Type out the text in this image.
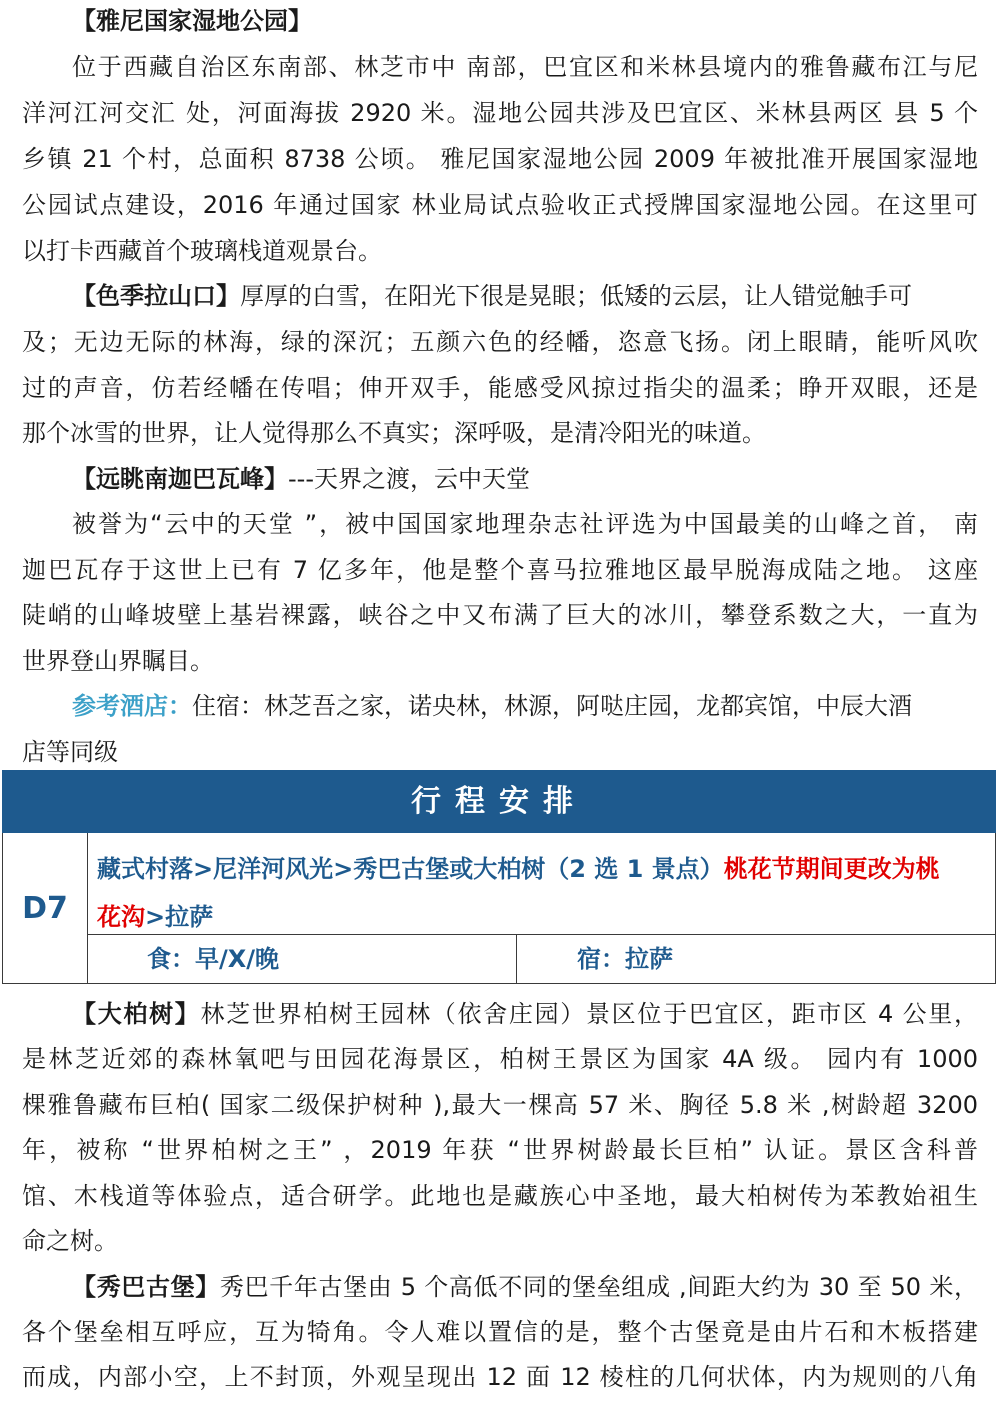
【雅尼国家湿地公园】
位于西藏自治区东南部、林芝市中 南部，巴宜区和米林县境内的雅鲁藏布江与尼
洋河江河交汇 处，河面海拔 2920 米。湿地公园共涉及巴宜区、米林县两区 县 5 个
乡镇 21 个村，总面积 8738 公顷。 雅尼国家湿地公园 2009 年被批准开展国家湿地
公园试点建设，2016 年通过国家 林业局试点验收正式授牌国家湿地公园。在这里可
以打卡西藏首个玻璃栈道观景台。
【色季拉山口】厚厚的白雪，在阳光下很是晃眼；低矮的云层，让人错觉触手可
及；无边无际的林海，绿的深沉；五颜六色的经幡，恣意飞扬。闭上眼睛，能听风吹
过的声音，仿若经幡在传唱；伸开双手，能感受风掠过指尖的温柔；睁开双眼，还是
那个冰雪的世界，让人觉得那么不真实；深呼吸，是清冷阳光的味道。
【远眺南迦巴瓦峰】---天界之渡，云中天堂
被誉为“云中的天堂 ”，被中国国家地理杂志社评选为中国最美的山峰之首， 南
迦巴瓦存于这世上已有 7 亿多年，他是整个喜马拉雅地区最早脱海成陆之地。 这座
陡峭的山峰坡壁上基岩裸露，峡谷之中又布满了巨大的冰川，攀登系数之大，一直为
世界登山界瞩目。
参考酒店：住宿：林芝吾之家，诺央林，林源，阿哒庄园，龙都宾馆，中辰大酒
店等同级
行程安排
D7
藏式村落>尼洋河风光>秀巴古堡或大柏树（2 选 1 景点）桃花节期间更改为桃
花沟>拉萨
食：早/X/晚	宿：拉萨
【大柏树】林芝世界柏树王园林（依舍庄园）景区位于巴宜区，距市区 4 公里，
是林芝近郊的森林氧吧与田园花海景区，柏树王景区为国家 4A 级。 园内有 1000
棵雅鲁藏布巨柏( 国家二级保护树种 ),最大一棵高 57 米、胸径 5.8 米 ,树龄超 3200
年，被称 “世界柏树之王” ，2019 年获 “世界树龄最长巨柏” 认证。景区含科普
馆、木栈道等体验点，适合研学。此地也是藏族心中圣地，最大柏树传为苯教始祖生
命之树。
【秀巴古堡】秀巴千年古堡由 5 个高低不同的堡垒组成 ,间距大约为 30 至 50 米，
各个堡垒相互呼应，互为犄角。令人难以置信的是，整个古堡竟是由片石和木板搭建
而成，内部小空，上不封顶，外观呈现出 12 面 12 棱柱的几何状体，内为规则的八角
